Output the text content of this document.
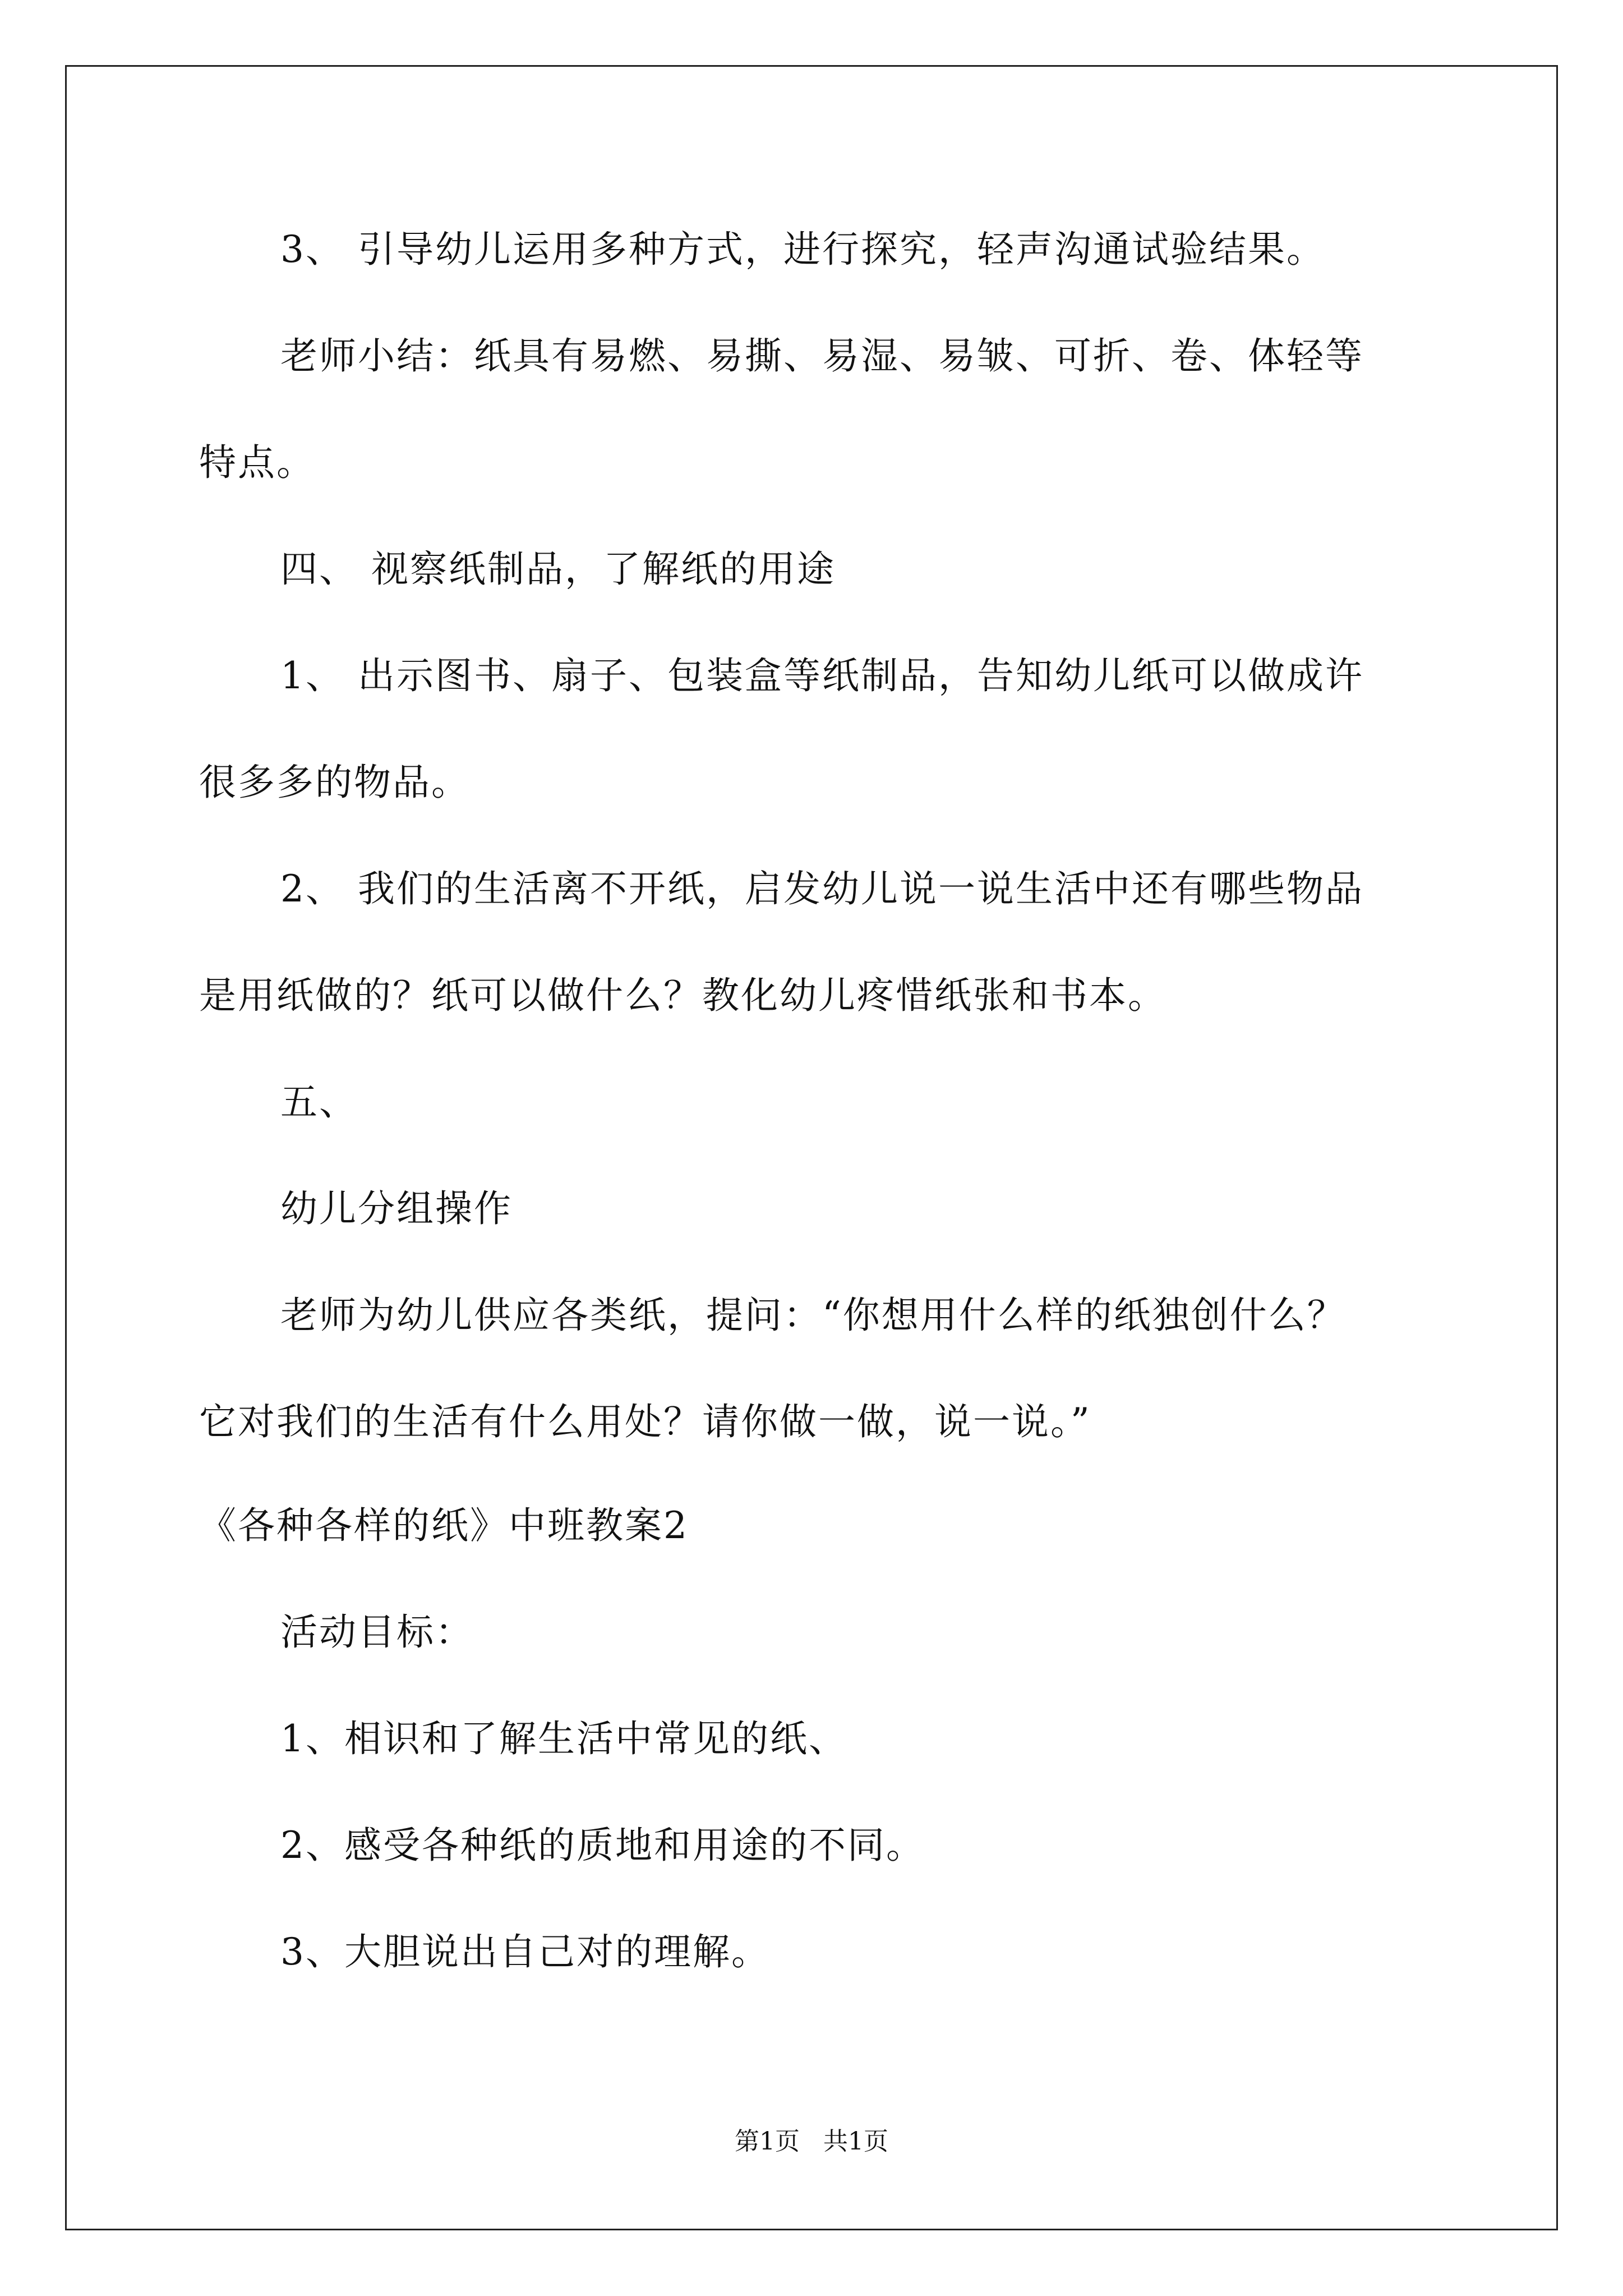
3、 引导幼儿运用多种方式，进行探究，轻声沟通试验结果。
老师小结：纸具有易燃、易撕、易湿、易皱、可折、卷、体轻等
特点。
四、 视察纸制品，了解纸的用途
1、 出示图书、扇子、包装盒等纸制品，告知幼儿纸可以做成许
很多多的物品。
2、 我们的生活离不开纸，启发幼儿说一说生活中还有哪些物品
是用纸做的？纸可以做什么？教化幼儿疼惜纸张和书本。
五、
幼儿分组操作
老师为幼儿供应各类纸，提问：“你想用什么样的纸独创什么？
它对我们的生活有什么用处？请你做一做，说一说。”
《各种各样的纸》中班教案2
活动目标：
1、相识和了解生活中常见的纸、
2、感受各种纸的质地和用途的不同。
3、大胆说出自己对的理解。
第1页   共1页
